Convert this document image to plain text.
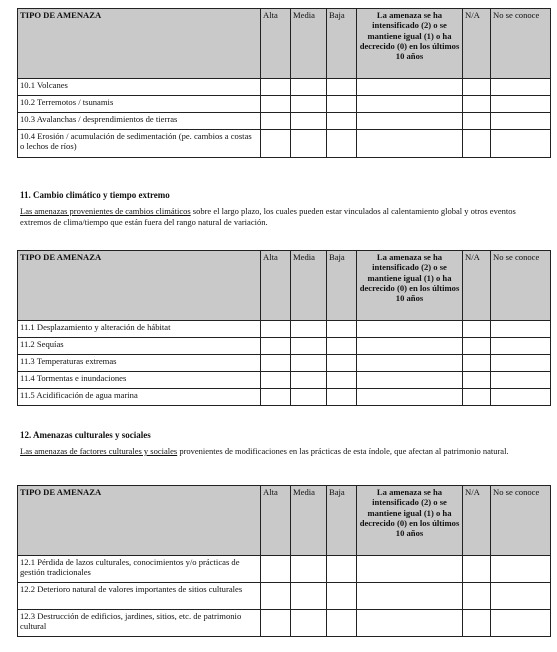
TIPO DE AMENAZA	Alta	Media	Baja	La amenaza se ha intensificado (2) o se mantiene igual (1) o ha decrecido (0) en los últimos 10 años	N/A	No se conoce
10.1 Volcanes						
10.2 Terremotos / tsunamis						
10.3 Avalanchas / desprendimientos de tierras						
10.4 Erosión / acumulación de sedimentación (pe. cambios a costas o lechos de ríos)						
11. Cambio climático y tiempo extremo
Las amenazas provenientes de cambios climáticos sobre el largo plazo, los cuales pueden estar vinculados al calentamiento global y otros eventos extremos de clima/tiempo que están fuera del rango natural de variación.
TIPO DE AMENAZA	Alta	Media	Baja	La amenaza se ha intensificado (2) o se mantiene igual (1) o ha decrecido (0) en los últimos 10 años	N/A	No se conoce
11.1 Desplazamiento y alteración de hábitat						
11.2 Sequías						
11.3 Temperaturas extremas						
11.4 Tormentas e inundaciones						
11.5 Acidificación de agua marina						
12. Amenazas culturales y sociales
Las amenazas de factores culturales y sociales provenientes de modificaciones en las prácticas de esta índole, que afectan al patrimonio natural.
TIPO DE AMENAZA	Alta	Media	Baja	La amenaza se ha intensificado (2) o se mantiene igual (1) o ha decrecido (0) en los últimos 10 años	N/A	No se conoce
12.1 Pérdida de lazos culturales, conocimientos y/o prácticas de gestión tradicionales						
12.2 Deterioro natural de valores importantes de sitios culturales						
12.3 Destrucción de edificios, jardines, sitios, etc. de patrimonio cultural						
